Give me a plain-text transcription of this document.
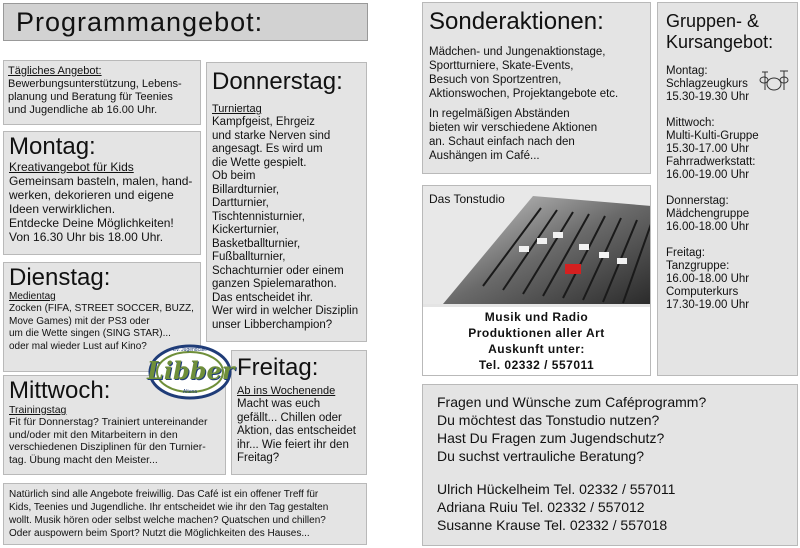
Programmangebot:
Tägliches Angebot:
Bewerbungsunterstützung, Lebens-
planung und Beratung für Teenies
und Jugendliche ab 16.00 Uhr.
Montag:
Kreativangebot für Kids
Gemeinsam basteln, malen, hand-
werken, dekorieren und eigene
Ideen verwirklichen.
Entdecke Deine Möglichkeiten!
Von 16.30 Uhr bis 18.00 Uhr.
Dienstag:
Medientag
Zocken (FIFA, STREET SOCCER, BUZZ,
Move Games) mit der PS3 oder
um die Wette singen (SING STAR)...
oder mal wieder Lust auf Kino?
Mittwoch:
Trainingstag
Fit für Donnerstag? Trainiert untereinander
und/oder mit den Mitarbeitern in den
verschiedenen Disziplinen für den Turnier-
tag. Übung macht den Meister...
Donnerstag:
Turniertag
Kampfgeist, Ehrgeiz
und starke Nerven sind
angesagt. Es wird um
die Wette gespielt.
Ob beim
Billardturnier,
Dartturnier,
Tischtennisturnier,
Kickerturnier,
Basketballturnier,
Fußballturnier,
Schachturnier oder einem
ganzen Spielemarathon.
Das entscheidet ihr.
Wer wird in welcher Disziplin
unser Libberchampion?
Freitag:
Ab ins Wochenende
Macht was euch
gefällt... Chillen oder
Aktion, das entscheidet
ihr... Wie feiert ihr den
Freitag?
Ev. Jugendcafé
Libber
Altena
Natürlich sind alle Angebote freiwillig. Das Café ist ein offener Treff für
Kids, Teenies und Jugendliche. Ihr entscheidet wie ihr den Tag gestalten
wollt. Musik hören oder selbst welche machen? Quatschen und chillen?
Oder auspowern beim Sport? Nutzt die Möglichkeiten des Hauses...
Sonderaktionen:
Mädchen- und Jungenaktionstage,
Sportturniere, Skate-Events,
Besuch von Sportzentren,
Aktionswochen, Projektangebote etc.
In regelmäßigen Abständen
bieten wir verschiedene Aktionen
an. Schaut einfach nach den
Aushängen im Café...
Das Tonstudio
Musik und Radio
Produktionen aller Art
Auskunft unter:
Tel. 02332 / 557011
Gruppen- &
Kursangebot:
Montag:
Schlagzeugkurs
15.30-19.30 Uhr
Mittwoch:
Multi-Kulti-Gruppe
15.30-17.00 Uhr
Fahrradwerkstatt:
16.00-19.00 Uhr
Donnerstag:
Mädchengruppe
16.00-18.00 Uhr
Freitag:
Tanzgruppe:
16.00-18.00 Uhr
Computerkurs
17.30-19.00 Uhr
Fragen und Wünsche zum Caféprogramm?
Du möchtest das Tonstudio nutzen?
Hast Du Fragen zum Jugendschutz?
Du suchst vertrauliche Beratung?
Ulrich Hückelheim Tel. 02332 / 557011
Adriana Ruiu Tel. 02332 / 557012
Susanne Krause Tel. 02332 / 557018
